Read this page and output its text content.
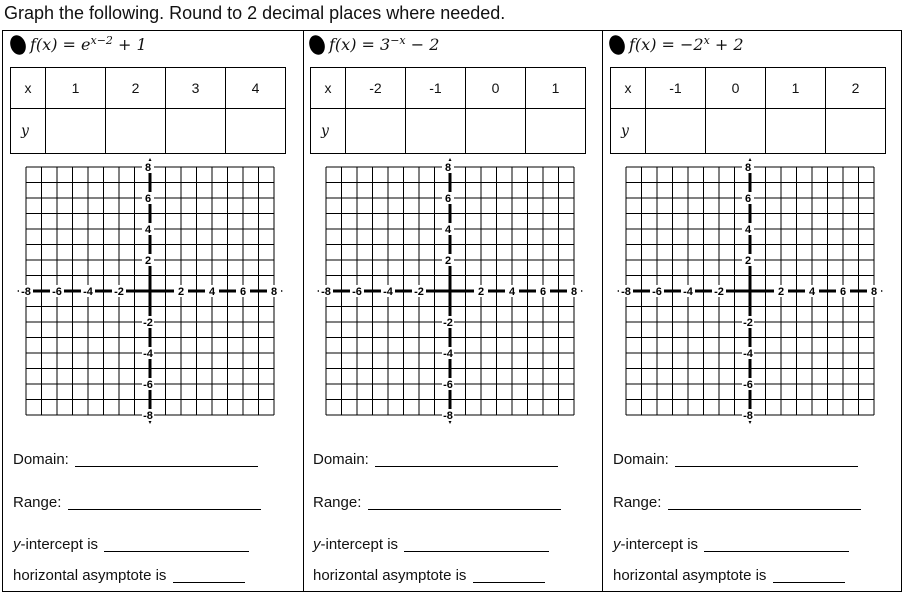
Graph the following. Round to 2 decimal places where needed.
$f(x) = e^{x-2} + 1$
x	1	2	3	4
y				
-8 -6 -4 -2	2 4 6 8
8
6
4
2
-2
-4
-6
-8
Domain:
Range:
y-intercept is
horizontal asymptote is
$f(x) = 3^{-x} - 2$
x	-2	-1	0	1
y				
-8 -6 -4 -2	2 4 6 8
8
6
4
2
-2
-4
-6
-8
Domain:
Range:
y-intercept is
horizontal asymptote is
$f(x) = -2^x + 2$
x	-1	0	1	2
y				
-8 -6 -4 -2	2 4 6 8
8
6
4
2
-2
-4
-6
-8
Domain:
Range:
y-intercept is
horizontal asymptote is
